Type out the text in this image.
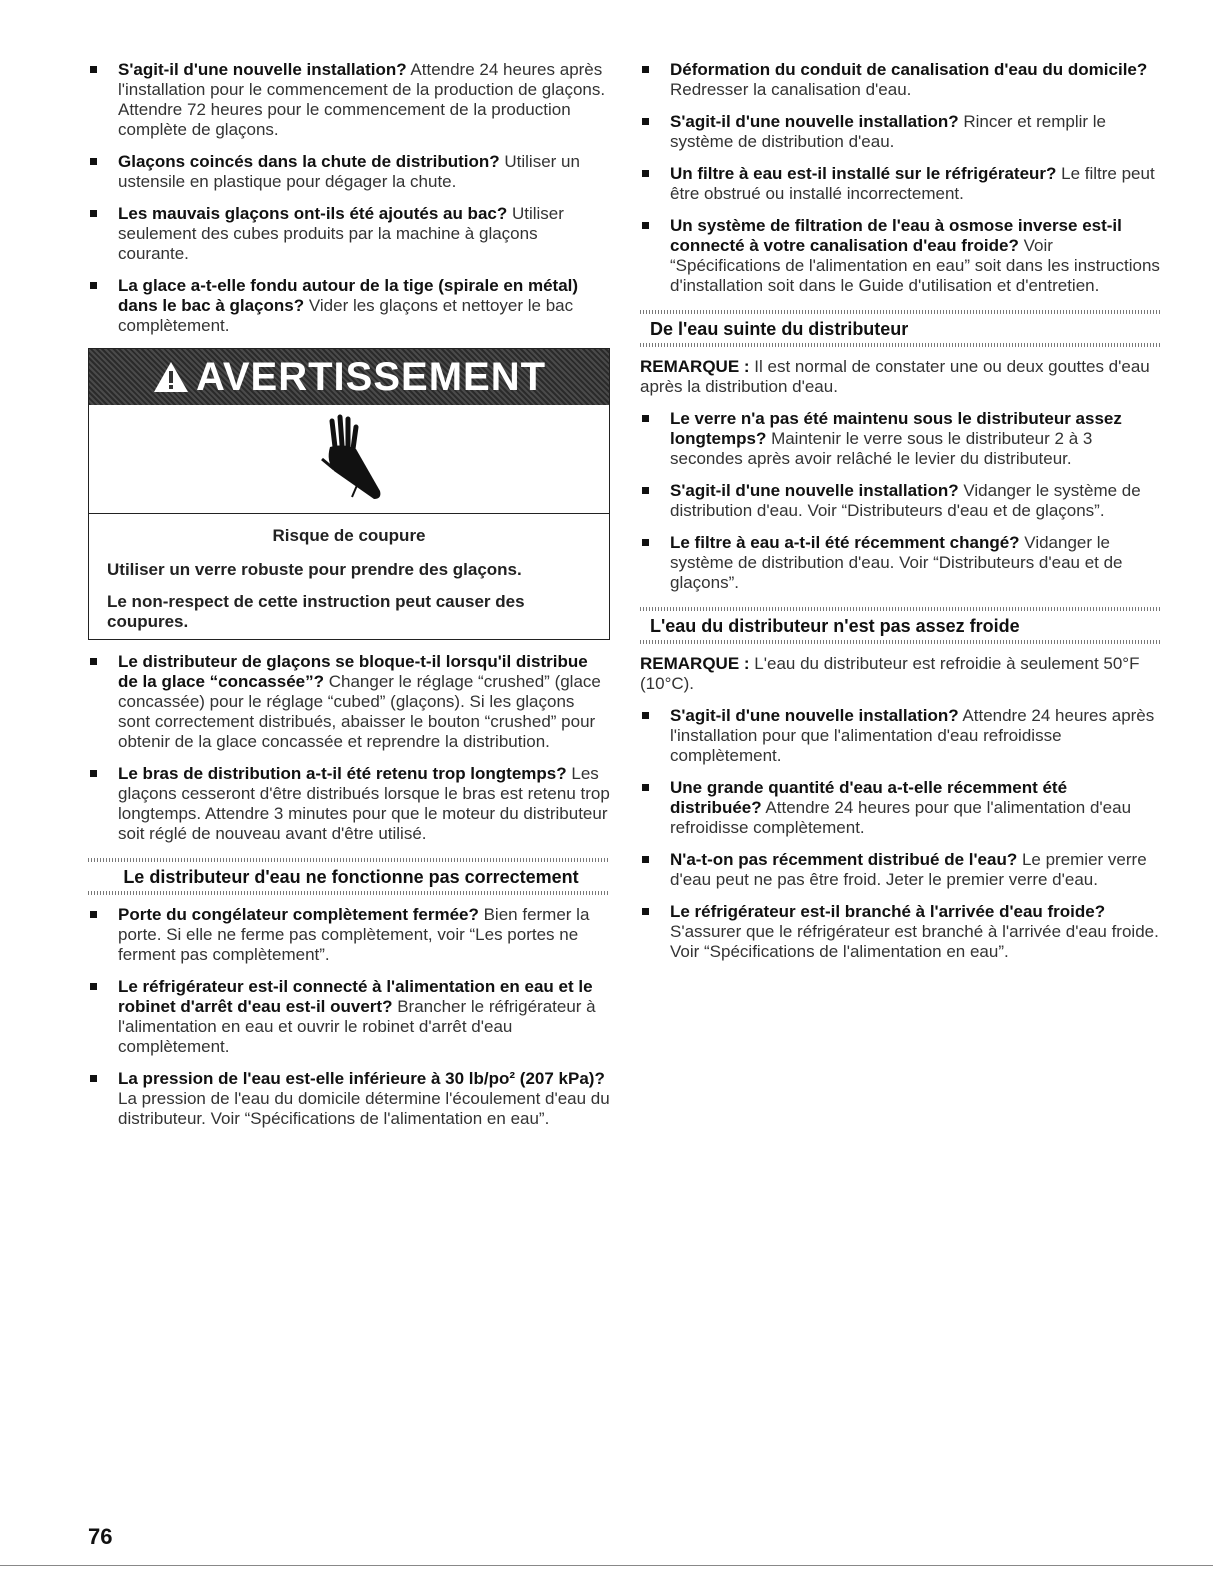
S'agit-il d'une nouvelle installation? Attendre 24 heures après l'installation pour le commencement de la production de glaçons. Attendre 72 heures pour le commencement de la production complète de glaçons.
Glaçons coincés dans la chute de distribution? Utiliser un ustensile en plastique pour dégager la chute.
Les mauvais glaçons ont-ils été ajoutés au bac? Utiliser seulement des cubes produits par la machine à glaçons courante.
La glace a-t-elle fondu autour de la tige (spirale en métal) dans le bac à glaçons? Vider les glaçons et nettoyer le bac complètement.
AVERTISSEMENT
Risque de coupure
Utiliser un verre robuste pour prendre des glaçons.
Le non-respect de cette instruction peut causer des coupures.
Le distributeur de glaçons se bloque-t-il lorsqu'il distribue de la glace “concassée”? Changer le réglage “crushed” (glace concassée) pour le réglage “cubed” (glaçons). Si les glaçons sont correctement distribués, abaisser le bouton “crushed” pour obtenir de la glace concassée et reprendre la distribution.
Le bras de distribution a-t-il été retenu trop longtemps? Les glaçons cesseront d'être distribués lorsque le bras est retenu trop longtemps. Attendre 3 minutes pour que le moteur du distributeur soit réglé de nouveau avant d'être utilisé.
Le distributeur d'eau ne fonctionne pas correctement
Porte du congélateur complètement fermée? Bien fermer la porte. Si elle ne ferme pas complètement, voir “Les portes ne ferment pas complètement”.
Le réfrigérateur est-il connecté à l'alimentation en eau et le robinet d'arrêt d'eau est-il ouvert? Brancher le réfrigérateur à l'alimentation en eau et ouvrir le robinet d'arrêt d'eau complètement.
La pression de l'eau est-elle inférieure à 30 lb/po² (207 kPa)? La pression de l'eau du domicile détermine l'écoulement d'eau du distributeur. Voir “Spécifications de l'alimentation en eau”.
Déformation du conduit de canalisation d'eau du domicile? Redresser la canalisation d'eau.
S'agit-il d'une nouvelle installation? Rincer et remplir le système de distribution d'eau.
Un filtre à eau est-il installé sur le réfrigérateur? Le filtre peut être obstrué ou installé incorrectement.
Un système de filtration de l'eau à osmose inverse est-il connecté à votre canalisation d'eau froide? Voir “Spécifications de l'alimentation en eau” soit dans les instructions d'installation soit dans le Guide d'utilisation et d'entretien.
De l'eau suinte du distributeur

REMARQUE : Il est normal de constater une ou deux gouttes d'eau après la distribution d'eau.

Le verre n'a pas été maintenu sous le distributeur assez longtemps? Maintenir le verre sous le distributeur 2 à 3 secondes après avoir relâché le levier du distributeur.
S'agit-il d'une nouvelle installation? Vidanger le système de distribution d'eau. Voir “Distributeurs d'eau et de glaçons”.
Le filtre à eau a-t-il été récemment changé? Vidanger le système de distribution d'eau. Voir “Distributeurs d'eau et de glaçons”.
L'eau du distributeur n'est pas assez froide

REMARQUE : L'eau du distributeur est refroidie à seulement 50°F (10°C).

S'agit-il d'une nouvelle installation? Attendre 24 heures après l'installation pour que l'alimentation d'eau refroidisse complètement.
Une grande quantité d'eau a-t-elle récemment été distribuée? Attendre 24 heures pour que l'alimentation d'eau refroidisse complètement.
N'a-t-on pas récemment distribué de l'eau? Le premier verre d'eau peut ne pas être froid. Jeter le premier verre d'eau.
Le réfrigérateur est-il branché à l'arrivée d'eau froide? S'assurer que le réfrigérateur est branché à l'arrivée d'eau froide. Voir “Spécifications de l'alimentation en eau”.
76
